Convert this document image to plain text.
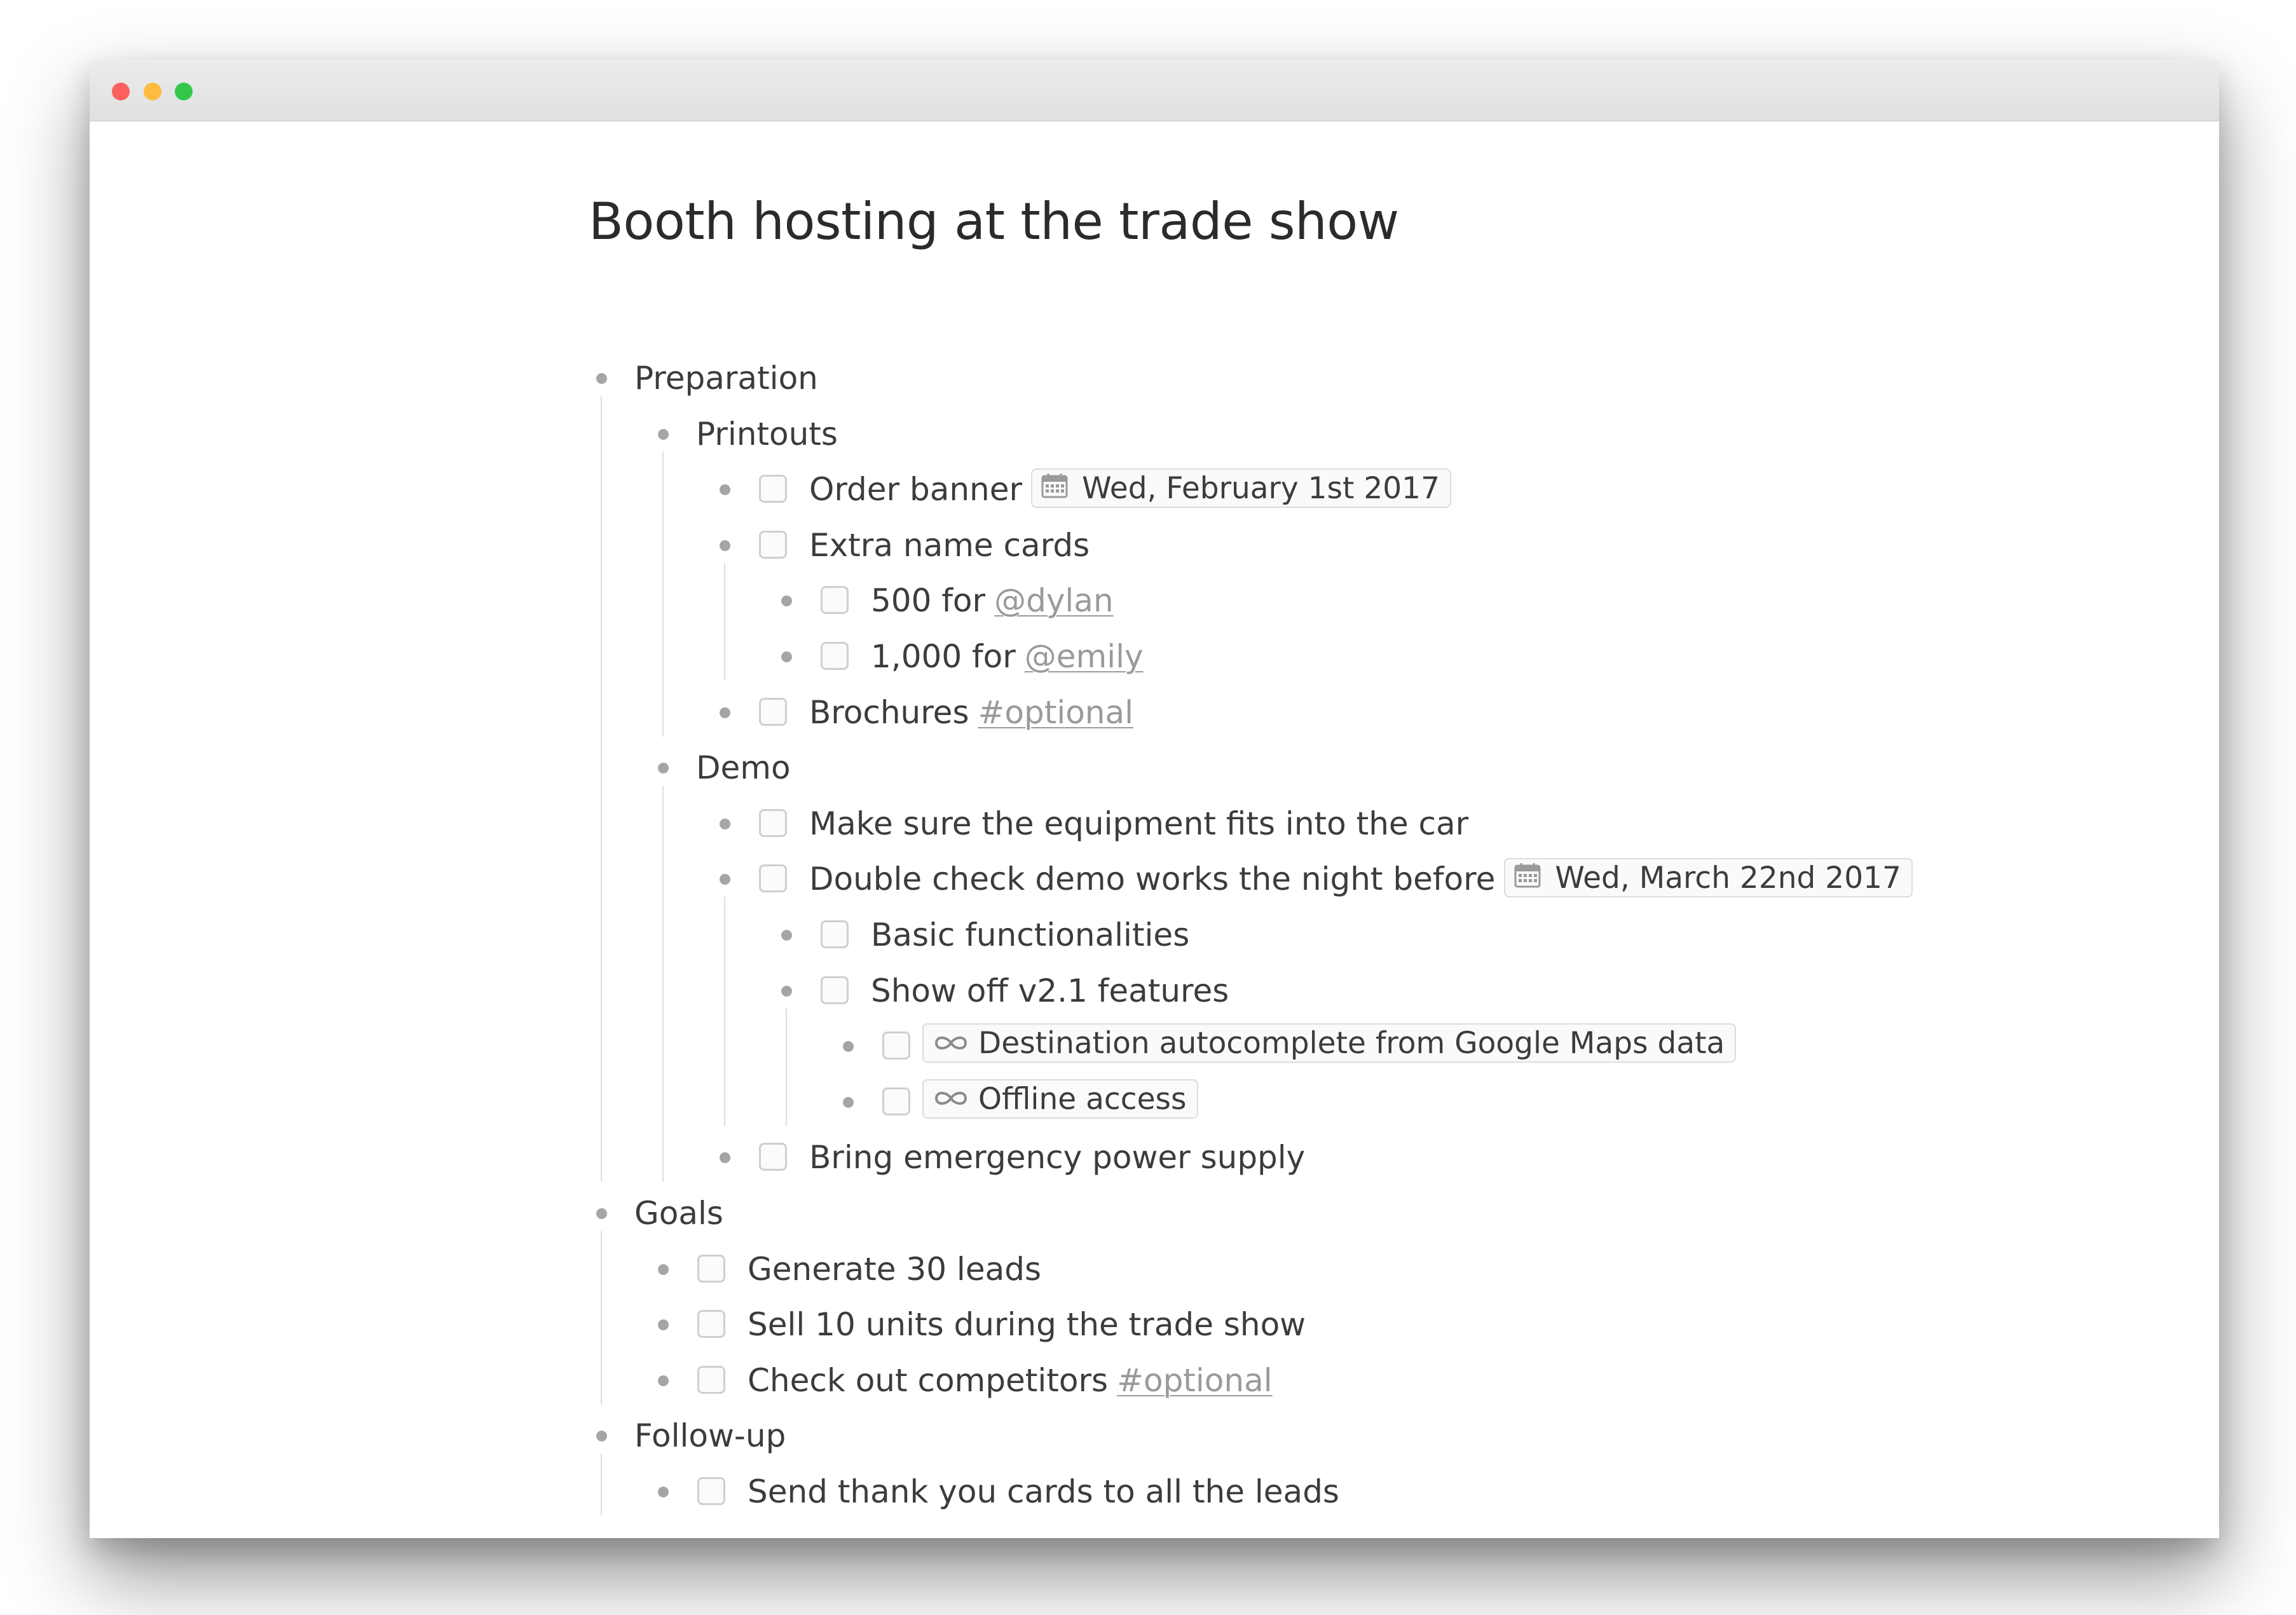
Booth hosting at the trade show
Preparation
Printouts
Order banner Wed, February 1st 2017
Extra name cards
500 for @dylan
1,000 for @emily
Brochures #optional
Demo
Make sure the equipment fits into the car
Double check demo works the night before Wed, March 22nd 2017
Basic functionalities
Show off v2.1 features
Destination autocomplete from Google Maps data
Offline access
Bring emergency power supply
Goals
Generate 30 leads
Sell 10 units during the trade show
Check out competitors #optional
Follow-up
Send thank you cards to all the leads
